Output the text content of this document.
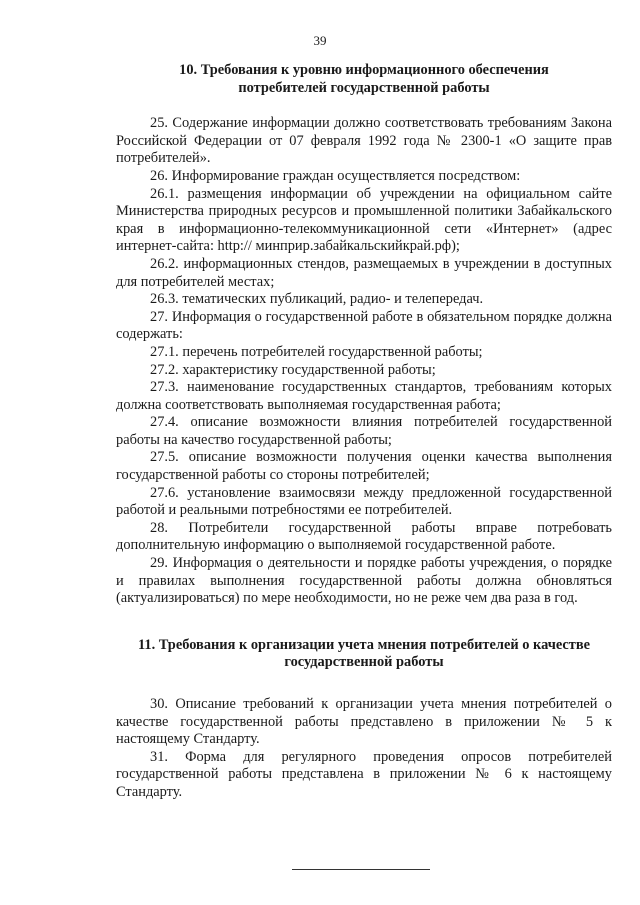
39
10. Требования к уровню информационного обеспечения
потребителей государственной работы

25. Содержание информации должно соответствовать требованиям Закона Российской Федерации от 07 февраля 1992 года № 2300-1 «О защите прав потребителей».

26. Информирование граждан осуществляется посредством:

26.1. размещения информации об учреждении на официальном сайте Министерства природных ресурсов и промышленной политики Забайкальского края в информационно-телекоммуникационной сети «Интернет» (адрес интернет-сайта: http:// минприр.забайкальскийкрай.рф);

26.2. информационных стендов, размещаемых в учреждении в доступных для потребителей местах;

26.3. тематических публикаций, радио- и телепередач.

27. Информация о государственной работе в обязательном порядке должна содержать:

27.1. перечень потребителей государственной работы;

27.2. характеристику государственной работы;

27.3. наименование государственных стандартов, требованиям которых должна соответствовать выполняемая государственная работа;

27.4. описание возможности влияния потребителей государственной работы на качество государственной работы;

27.5. описание возможности получения оценки качества выполнения государственной работы со стороны потребителей;

27.6. установление взаимосвязи между предложенной государственной работой и реальными потребностями ее потребителей.

28. Потребители государственной работы вправе потребовать дополнительную информацию о выполняемой государственной работе.

29. Информация о деятельности и порядке работы учреждения, о порядке и правилах выполнения государственной работы должна обновляться (актуализироваться) по мере необходимости, но не реже чем два раза в год.

11. Требования к организации учета мнения потребителей о качестве
государственной работы

30. Описание требований к организации учета мнения потребителей о качестве государственной работы представлено в приложении № 5 к настоящему Стандарту.

31. Форма для регулярного проведения опросов потребителей государственной работы представлена в приложении № 6 к настоящему Стандарту.
